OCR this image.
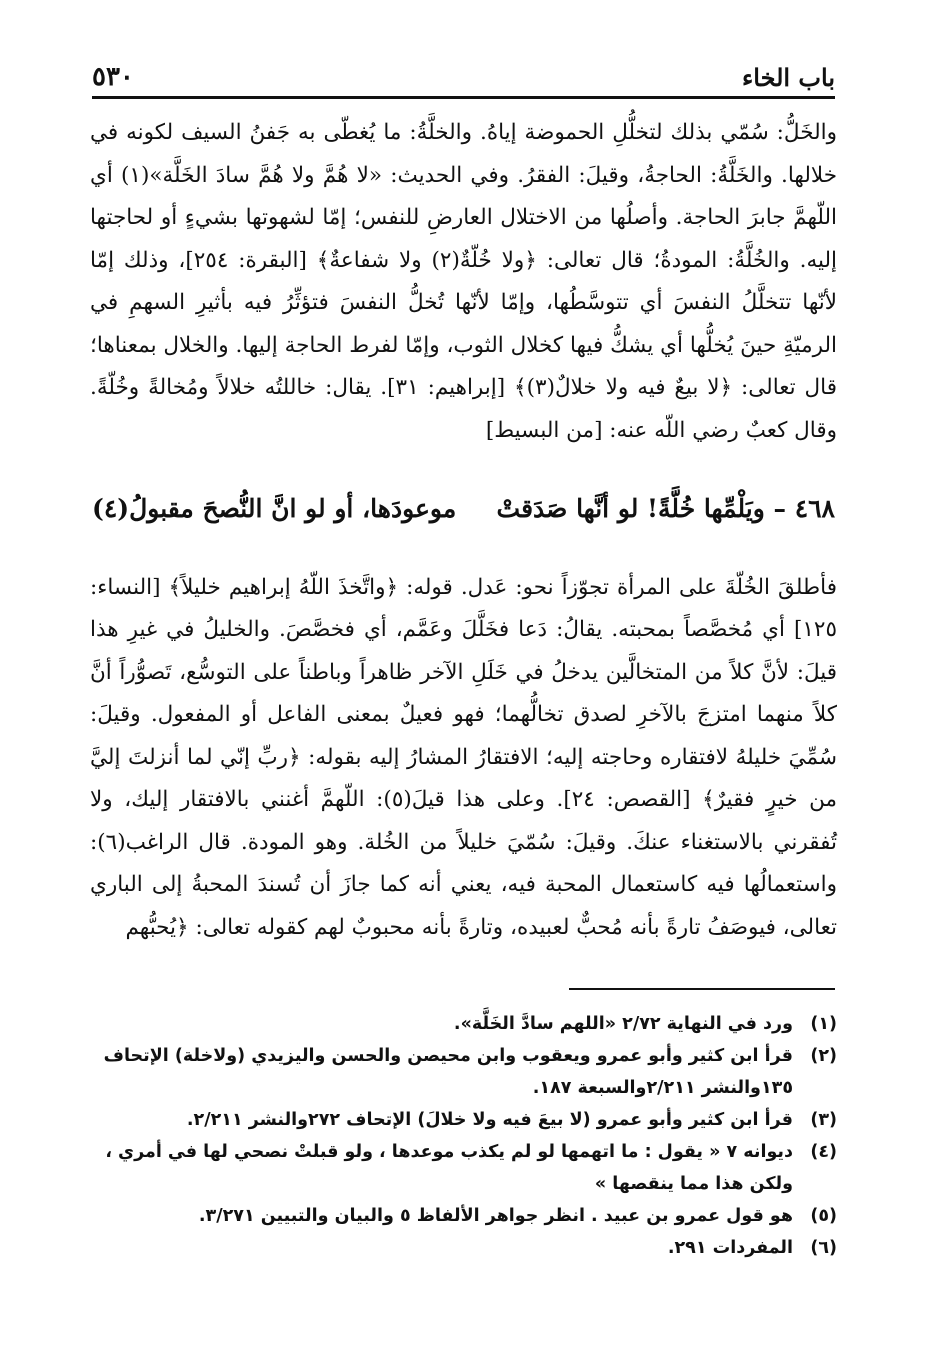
باب الخاء
٥٣٠

والخَلُّ: سُمّي بذلك لتخلُّلِ الحموضة إياهُ. والخلَّةُ: ما يُغطّى به جَفنُ السيف لكونه في خلالها. والخَلَّةُ: الحاجةُ، وقيلَ: الفقرُ. وفي الحديث: «لا هُمَّ ولا هُمَّ سادَ الخَلَّة»(١) أي اللّهمَّ جابرَ الحاجة. وأصلُها من الاختلال العارضِ للنفس؛ إمّا لشهوتها بشيءٍ أو لحاجتها إليه. والخُلَّةُ: المودةُ؛ قال تعالى: ﴿ولا خُلّةٌ(٢) ولا شفاعةٌ﴾ [البقرة: ٢٥٤]، وذلك إمّا لأنّها تتخلَّلُ النفسَ أي تتوسَّطُها، وإمّا لأنّها تُخلُّ النفسَ فتؤثِّرُ فيه بأثيرِ السهمِ في الرميّةِ حينَ يُخلُّها أي يشكُّ فيها كخلال الثوب، وإمّا لفرط الحاجة إليها. والخلال بمعناها؛ قال تعالى: ﴿لا بيعٌ فيه ولا خلالٌ(٣)﴾ [إبراهيم: ٣١]. يقال: خاللتُه خلالاً ومُخالةً وخُلّةً. وقال كعبٌ رضي اللّه عنه: [من البسيط]

٤٦٨ – ويَلْمِّها خُلَّةً! لو أنَّها صَدَقتْ
موعودَها، أو لو انَّ النُّصحَ مقبولُ(٤)

فأطلقَ الخُلّةَ على المرأة تجوّزاً نحو: عَدل. قوله: ﴿واتَّخذَ اللّهُ إبراهيم خليلاً﴾ [النساء: ١٢٥] أي مُخصَّصاً بمحبته. يقالُ: دَعا فخَلَّلَ وعَمَّم، أي فخصَّصَ. والخليلُ في غيرِ هذا قيلَ: لأنَّ كلاً من المتخالَّين يدخلُ في خَلَلِ الآخر ظاهراً وباطناً على التوسُّع، تَصوُّراً أنَّ كلاً منهما امتزجَ بالآخرِ لصدق تخالُّهما؛ فهو فعيلٌ بمعنى الفاعل أو المفعول. وقيلَ: سُمِّيَ خليلهُ لافتقاره وحاجته إليه؛ الافتقارُ المشارُ إليه بقوله: ﴿ربِّ إنّي لما أنزلتَ إليَّ من خيرٍ فقيرٌ﴾ [القصص: ٢٤]. وعلى هذا قيلَ(٥): اللّهمَّ أغنني بالافتقار إليك، ولا تُفقرني بالاستغناء عنكَ. وقيلَ: سُمّيَ خليلاً من الخُلة. وهو المودة. قال الراغب(٦): واستعمالُها فيه كاستعمال المحبة فيه، يعني أنه كما جازَ أن تُسندَ المحبةُ إلى الباري تعالى، فيوصَفُ تارةً بأنه مُحبٌّ لعبيده، وتارةً بأنه محبوبٌ لهم كقوله تعالى: ﴿يُحبُّهم

(١)
ورد في النهاية ٢/٧٢ «اللهم سادَّ الخَلَّة».
(٢)
قرأ ابن كثير وأبو عمرو ويعقوب وابن محيصن والحسن واليزيدي (ولاخلة) الإتحاف ١٣٥والنشر ٢/٢١١والسبعة ١٨٧.
(٣)
قرأ ابن كثير وأبو عمرو (لا بيعَ فيه ولا خلالَ) الإتحاف ٢٧٢والنشر ٢/٢١١.
(٤)
ديوانه ٧ « يقول : ما اتهمها لو لم يكذب موعدها ، ولو قبلتْ نصحي لها في أمري ، ولكن هذا مما ينقصها »
(٥)
هو قول عمرو بن عبيد . انظر جواهر الألفاظ ٥ والبيان والتبيين ٣/٢٧١.
(٦)
المفردات ٢٩١.
